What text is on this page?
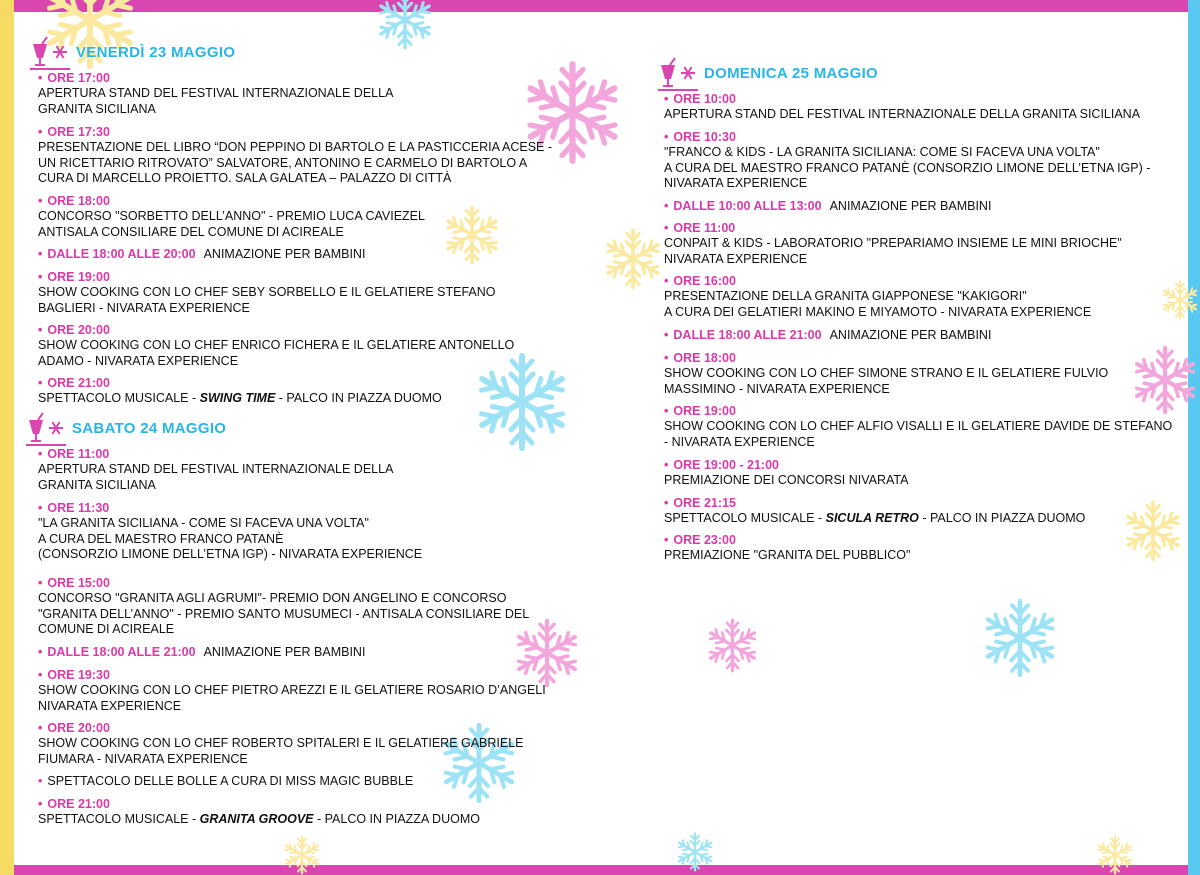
VENERDÌ 23 MAGGIO
SABATO 24 MAGGIO
DOMENICA 25 MAGGIO
• ORE 17:00
APERTURA STAND DEL FESTIVAL INTERNAZIONALE DELLA
GRANITA SICILIANA
• ORE 17:30
PRESENTAZIONE DEL LIBRO “DON PEPPINO DI BARTOLO E LA PASTICCERIA ACESE -
UN RICETTARIO RITROVATO” SALVATORE, ANTONINO E CARMELO DI BARTOLO A
CURA DI MARCELLO PROIETTO. SALA GALATEA – PALAZZO DI CITTÀ
• ORE 18:00
CONCORSO "SORBETTO DELL’ANNO" - PREMIO LUCA CAVIEZEL
ANTISALA CONSILIARE DEL COMUNE DI ACIREALE
• DALLE 18:00 ALLE 20:00 ANIMAZIONE PER BAMBINI
• ORE 19:00
SHOW COOKING CON LO CHEF SEBY SORBELLO E IL GELATIERE STEFANO
BAGLIERI - NIVARATA EXPERIENCE
• ORE 20:00
SHOW COOKING CON LO CHEF ENRICO FICHERA E IL GELATIERE ANTONELLO
ADAMO - NIVARATA EXPERIENCE
• ORE 21:00
SPETTACOLO MUSICALE - SWING TIME - PALCO IN PIAZZA DUOMO
• ORE 11:00
APERTURA STAND DEL FESTIVAL INTERNAZIONALE DELLA
GRANITA SICILIANA
• ORE 11:30
"LA GRANITA SICILIANA - COME SI FACEVA UNA VOLTA"
A CURA DEL MAESTRO FRANCO PATANÈ
(CONSORZIO LIMONE DELL’ETNA IGP) - NIVARATA EXPERIENCE
• ORE 15:00
CONCORSO "GRANITA AGLI AGRUMI"- PREMIO DON ANGELINO E CONCORSO
"GRANITA DELL’ANNO" - PREMIO SANTO MUSUMECI - ANTISALA CONSILIARE DEL
COMUNE DI ACIREALE
• DALLE 18:00 ALLE 21:00 ANIMAZIONE PER BAMBINI
• ORE 19:30
SHOW COOKING CON LO CHEF PIETRO AREZZI E IL GELATIERE ROSARIO D’ANGELI
NIVARATA EXPERIENCE
• ORE 20:00
SHOW COOKING CON LO CHEF ROBERTO SPITALERI E IL GELATIERE GABRIELE
FIUMARA - NIVARATA EXPERIENCE
• SPETTACOLO DELLE BOLLE A CURA DI MISS MAGIC BUBBLE
• ORE 21:00
SPETTACOLO MUSICALE - GRANITA GROOVE - PALCO IN PIAZZA DUOMO
• ORE 10:00
APERTURA STAND DEL FESTIVAL INTERNAZIONALE DELLA GRANITA SICILIANA
• ORE 10:30
"FRANCO & KIDS - LA GRANITA SICILIANA: COME SI FACEVA UNA VOLTA"
A CURA DEL MAESTRO FRANCO PATANÈ (CONSORZIO LIMONE DELL’ETNA IGP) -
NIVARATA EXPERIENCE
• DALLE 10:00 ALLE 13:00 ANIMAZIONE PER BAMBINI
• ORE 11:00
CONPAIT & KIDS - LABORATORIO "PREPARIAMO INSIEME LE MINI BRIOCHE"
NIVARATA EXPERIENCE
• ORE 16:00
PRESENTAZIONE DELLA GRANITA GIAPPONESE "KAKIGORI"
A CURA DEI GELATIERI MAKINO E MIYAMOTO - NIVARATA EXPERIENCE
• DALLE 18:00 ALLE 21:00 ANIMAZIONE PER BAMBINI
• ORE 18:00
SHOW COOKING CON LO CHEF SIMONE STRANO E IL GELATIERE FULVIO
MASSIMINO - NIVARATA EXPERIENCE
• ORE 19:00
SHOW COOKING CON LO CHEF ALFIO VISALLI E IL GELATIERE DAVIDE DE STEFANO
- NIVARATA EXPERIENCE
• ORE 19:00 - 21:00
PREMIAZIONE DEI CONCORSI NIVARATA
• ORE 21:15
SPETTACOLO MUSICALE - SICULA RETRO - PALCO IN PIAZZA DUOMO
• ORE 23:00
PREMIAZIONE "GRANITA DEL PUBBLICO"
